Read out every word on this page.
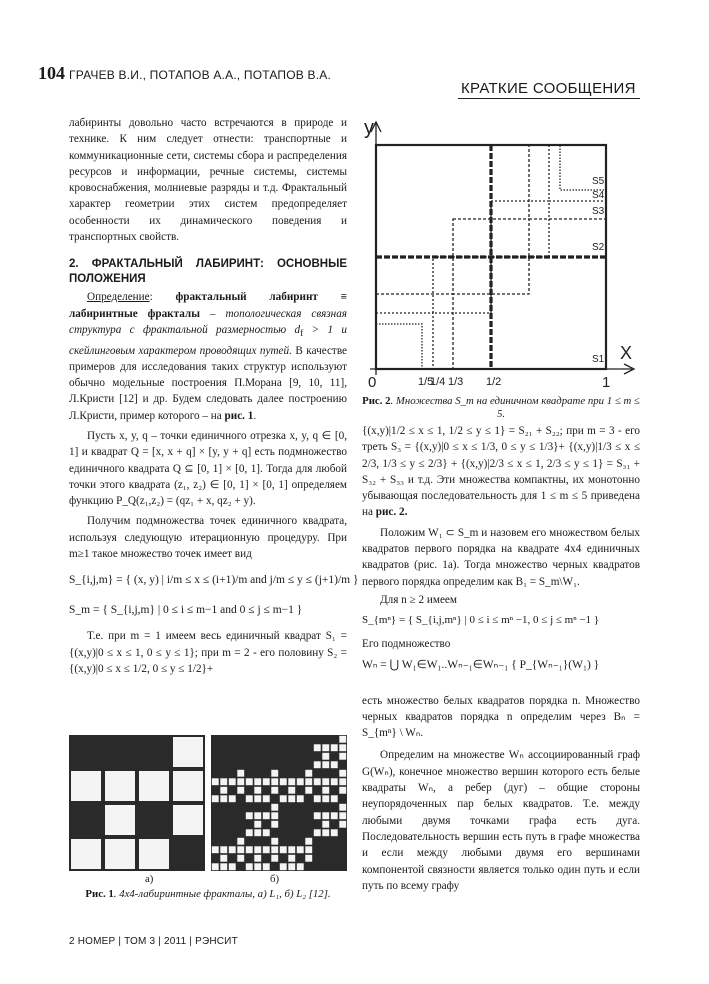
104 ГРАЧЕВ В.И., ПОТАПОВ А.А., ПОТАПОВ В.А.
КРАТКИЕ СООБЩЕНИЯ

лабиринты довольно часто встречаются в природе и технике. К ним следует отнести: транспортные и коммуникационные сети, системы сбора и распределения ресурсов и информации, речные системы, системы кровоснабжения, молниевые разряды и т.д. Фрактальный характер геометрии этих систем предопределяет особенности их динамического поведения и транспортных свойств.

2. ФРАКТАЛЬНЫЙ ЛАБИРИНТ: ОСНОВНЫЕ ПОЛОЖЕНИЯ

Определение: фрактальный лабиринт ≡ лабиринтные фракталы – топологическая связная структура с фрактальной размерностью $d_f > 1$ и скейлинговым характером проводящих путей. В качестве примеров для исследования таких структур используют обычно модельные построения П.Морана [9, 10, 11], Л.Кристи [12] и др. Будем следовать далее построению Л.Кристи, пример которого – на рис. 1.

Пусть x, y, q – точки единичного отрезка x, y, q ∈ [0, 1] и квадрат Q = [x, x + q] × [y, y + q] есть подмножество единичного квадрата Q ⊆ [0, 1] × [0, 1]. Тогда для любой точки этого квадрата (z₁, z₂) ∈ [0, 1] × [0, 1] определяем функцию P_Q(z₁,z₂) = (qz₁ + x, qz₂ + y).

Получим подмножества точек единичного квадрата, используя следующую итерационную процедуру. При m≥1 такое множество точек имеет вид

S_{i,j,m} = { (x, y) | i/m ≤ x ≤ (i+1)/m and j/m ≤ y ≤ (j+1)/m }
S_m = { S_{i,j,m} | 0 ≤ i ≤ m−1 and 0 ≤ j ≤ m−1 }

Т.е. при m = 1 имеем весь единичный квадрат S₁ = {(x,y)|0 ≤ x ≤ 1, 0 ≤ y ≤ 1}; при m = 2 - его половину S₂ = {(x,y)|0 ≤ x ≤ 1/2, 0 ≤ y ≤ 1/2}+

а)	б)
Рис. 1. 4x4-лабиринтные фракталы, а) L₁, б) L₂ [12].
y
X
0	1
1/5
1/4 1/3 1/2
S5
S4
S3
S2
S1
Рис. 2. Множества S_m на единичном квадрате при 1 ≤ m ≤ 5.

{(x,y)|1/2 ≤ x ≤ 1, 1/2 ≤ y ≤ 1} = S₂₁ + S₂₂; при m = 3 - его треть S₃ = {(x,y)|0 ≤ x ≤ 1/3, 0 ≤ y ≤ 1/3}+ {(x,y)|1/3 ≤ x ≤ 2/3, 1/3 ≤ y ≤ 2/3} + {(x,y)|2/3 ≤ x ≤ 1, 2/3 ≤ y ≤ 1} = S₃₁ + S₃₂ + S₃₃ и т.д. Эти множества компактны, их монотонно убывающая последовательность для 1 ≤ m ≤ 5 приведена на рис. 2.

Положим W₁ ⊂ S_m и назовем его множеством белых квадратов первого порядка на квадрате 4x4 единичных квадратов (рис. 1а). Тогда множество черных квадратов первого порядка определим как B₁ = S_m\W₁.

Для n ≥ 2 имеем

S_{mⁿ} = { S_{i,j,mⁿ} | 0 ≤ i ≤ mⁿ −1, 0 ≤ j ≤ mⁿ −1 }

Его подмножество

Wₙ = ⋃ W₁∈W₁..Wₙ₋₁∈Wₙ₋₁ { P_{Wₙ₋₁}(W₁) }

есть множество белых квадратов порядка n. Множество черных квадратов порядка n определим через Bₙ = S_{mⁿ} \ Wₙ.

Определим на множестве Wₙ ассоциированный граф G(Wₙ), конечное множество вершин которого есть белые квадраты Wₙ, а ребер (дуг) – общие стороны неупорядоченных пар белых квадратов. Т.е. между любыми двумя точками графа есть дуга. Последовательность вершин есть путь в графе множества и если между любыми двумя его вершинами компонентой связности является только один путь и если путь по всему графу

2 НОМЕР | ТОМ 3 | 2011 | РЭНСИТ
